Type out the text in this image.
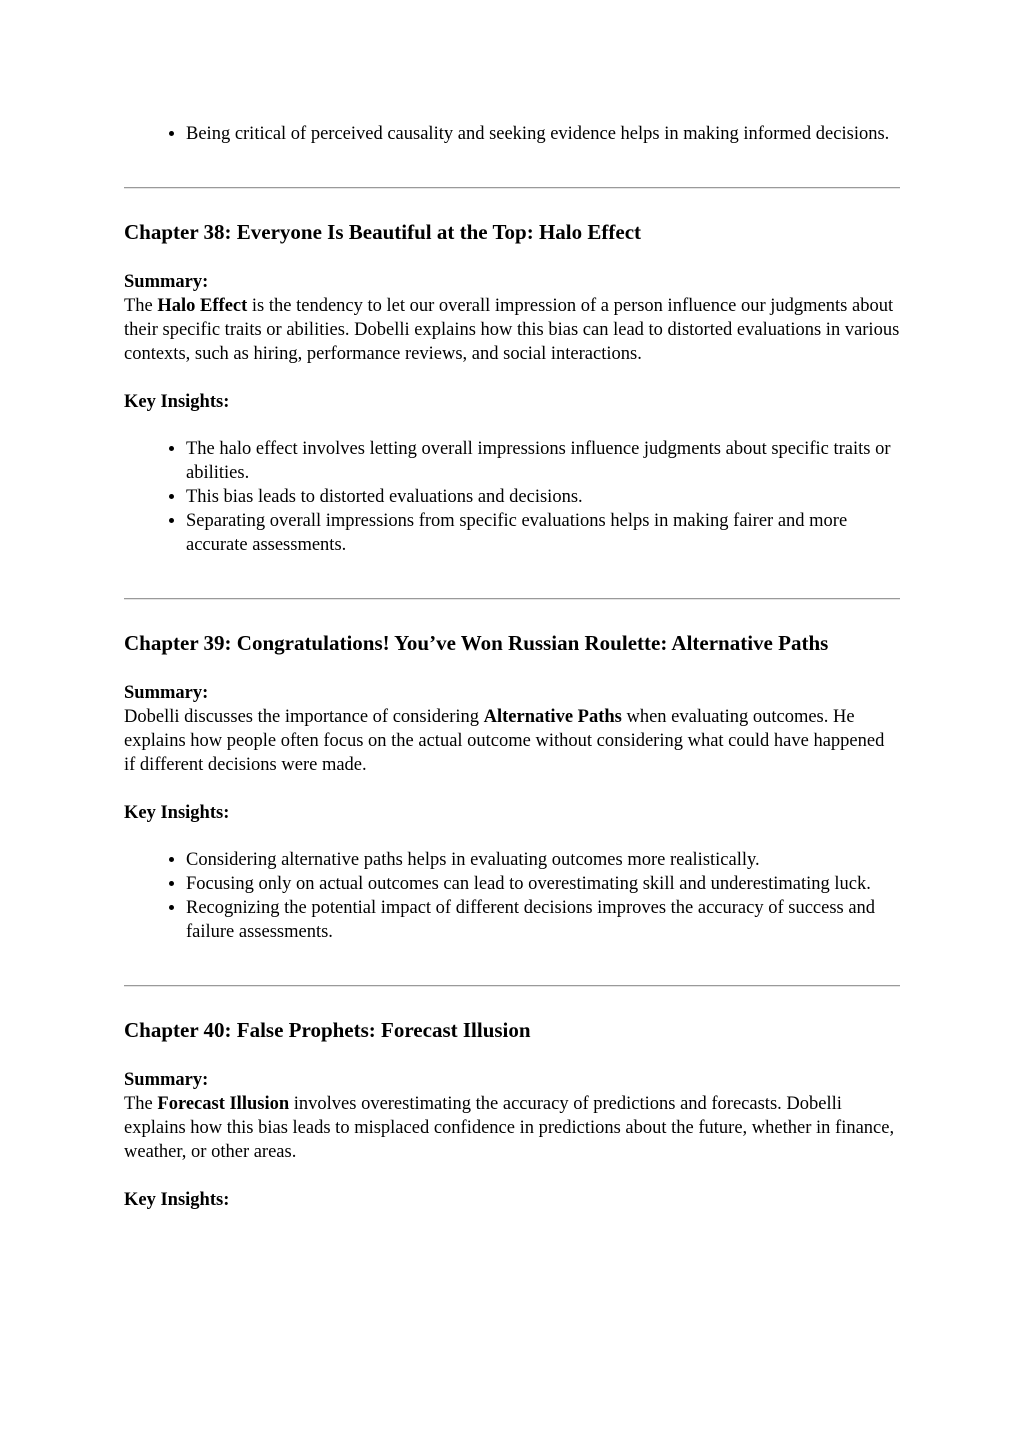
• Being critical of perceived causality and seeking evidence helps in making informed decisions.
Chapter 38: Everyone Is Beautiful at the Top: Halo Effect
Summary:

The Halo Effect is the tendency to let our overall impression of a person influence our judgments about their specific traits or abilities. Dobelli explains how this bias can lead to distorted evaluations in various contexts, such as hiring, performance reviews, and social interactions.

Key Insights:
• The halo effect involves letting overall impressions influence judgments about specific traits or abilities.
• This bias leads to distorted evaluations and decisions.
• Separating overall impressions from specific evaluations helps in making fairer and more accurate assessments.
Chapter 39: Congratulations! You’ve Won Russian Roulette: Alternative Paths
Summary:

Dobelli discusses the importance of considering Alternative Paths when evaluating outcomes. He explains how people often focus on the actual outcome without considering what could have happened if different decisions were made.

Key Insights:
• Considering alternative paths helps in evaluating outcomes more realistically.
• Focusing only on actual outcomes can lead to overestimating skill and underestimating luck.
• Recognizing the potential impact of different decisions improves the accuracy of success and failure assessments.
Chapter 40: False Prophets: Forecast Illusion
Summary:

The Forecast Illusion involves overestimating the accuracy of predictions and forecasts. Dobelli explains how this bias leads to misplaced confidence in predictions about the future, whether in finance, weather, or other areas.

Key Insights:
